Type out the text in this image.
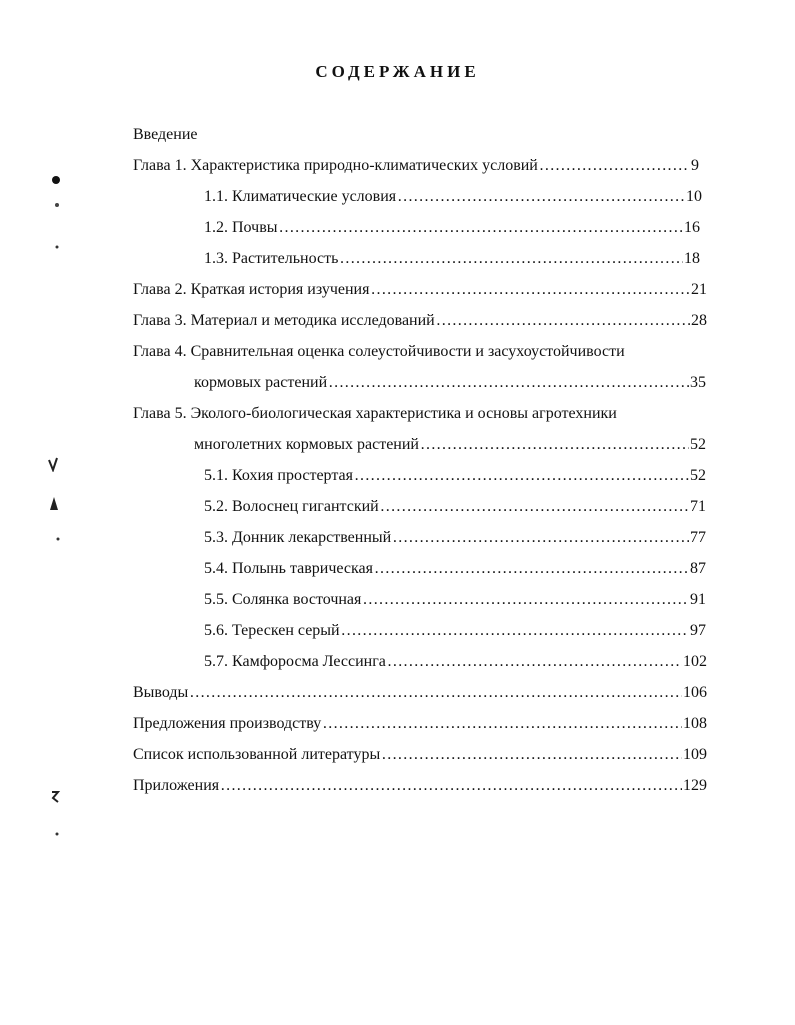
СОДЕРЖАНИЕ
Введение
Глава 1. Характеристика природно-климатических условий ……………………………………………………………………………………………………………………………………………………	9
1.1. Климатические условия ……………………………………………………………………………………………………………………………………………………	10
1.2. Почвы ……………………………………………………………………………………………………………………………………………………	16
1.3. Растительность ……………………………………………………………………………………………………………………………………………………	18
Глава 2. Краткая история изучения ……………………………………………………………………………………………………………………………………………………	21
Глава 3. Материал и методика исследований ……………………………………………………………………………………………………………………………………………………	28
Глава 4. Сравнительная оценка солеустойчивости и засухоустойчивости
кормовых растений ……………………………………………………………………………………………………………………………………………………	35
Глава 5. Эколого-биологическая характеристика и основы агротехники
многолетних кормовых растений ……………………………………………………………………………………………………………………………………………………	52
5.1. Кохия простертая ……………………………………………………………………………………………………………………………………………………	52
5.2. Волоснец гигантский ……………………………………………………………………………………………………………………………………………………	71
5.3. Донник лекарственный ……………………………………………………………………………………………………………………………………………………	77
5.4. Полынь таврическая ……………………………………………………………………………………………………………………………………………………	87
5.5. Солянка восточная ……………………………………………………………………………………………………………………………………………………	91
5.6. Терескен серый ……………………………………………………………………………………………………………………………………………………	97
5.7. Камфоросма Лессинга ……………………………………………………………………………………………………………………………………………………	102
Выводы ……………………………………………………………………………………………………………………………………………………	106
Предложения производству ……………………………………………………………………………………………………………………………………………………	108
Список использованной литературы ……………………………………………………………………………………………………………………………………………………	109
Приложения ……………………………………………………………………………………………………………………………………………………	129
